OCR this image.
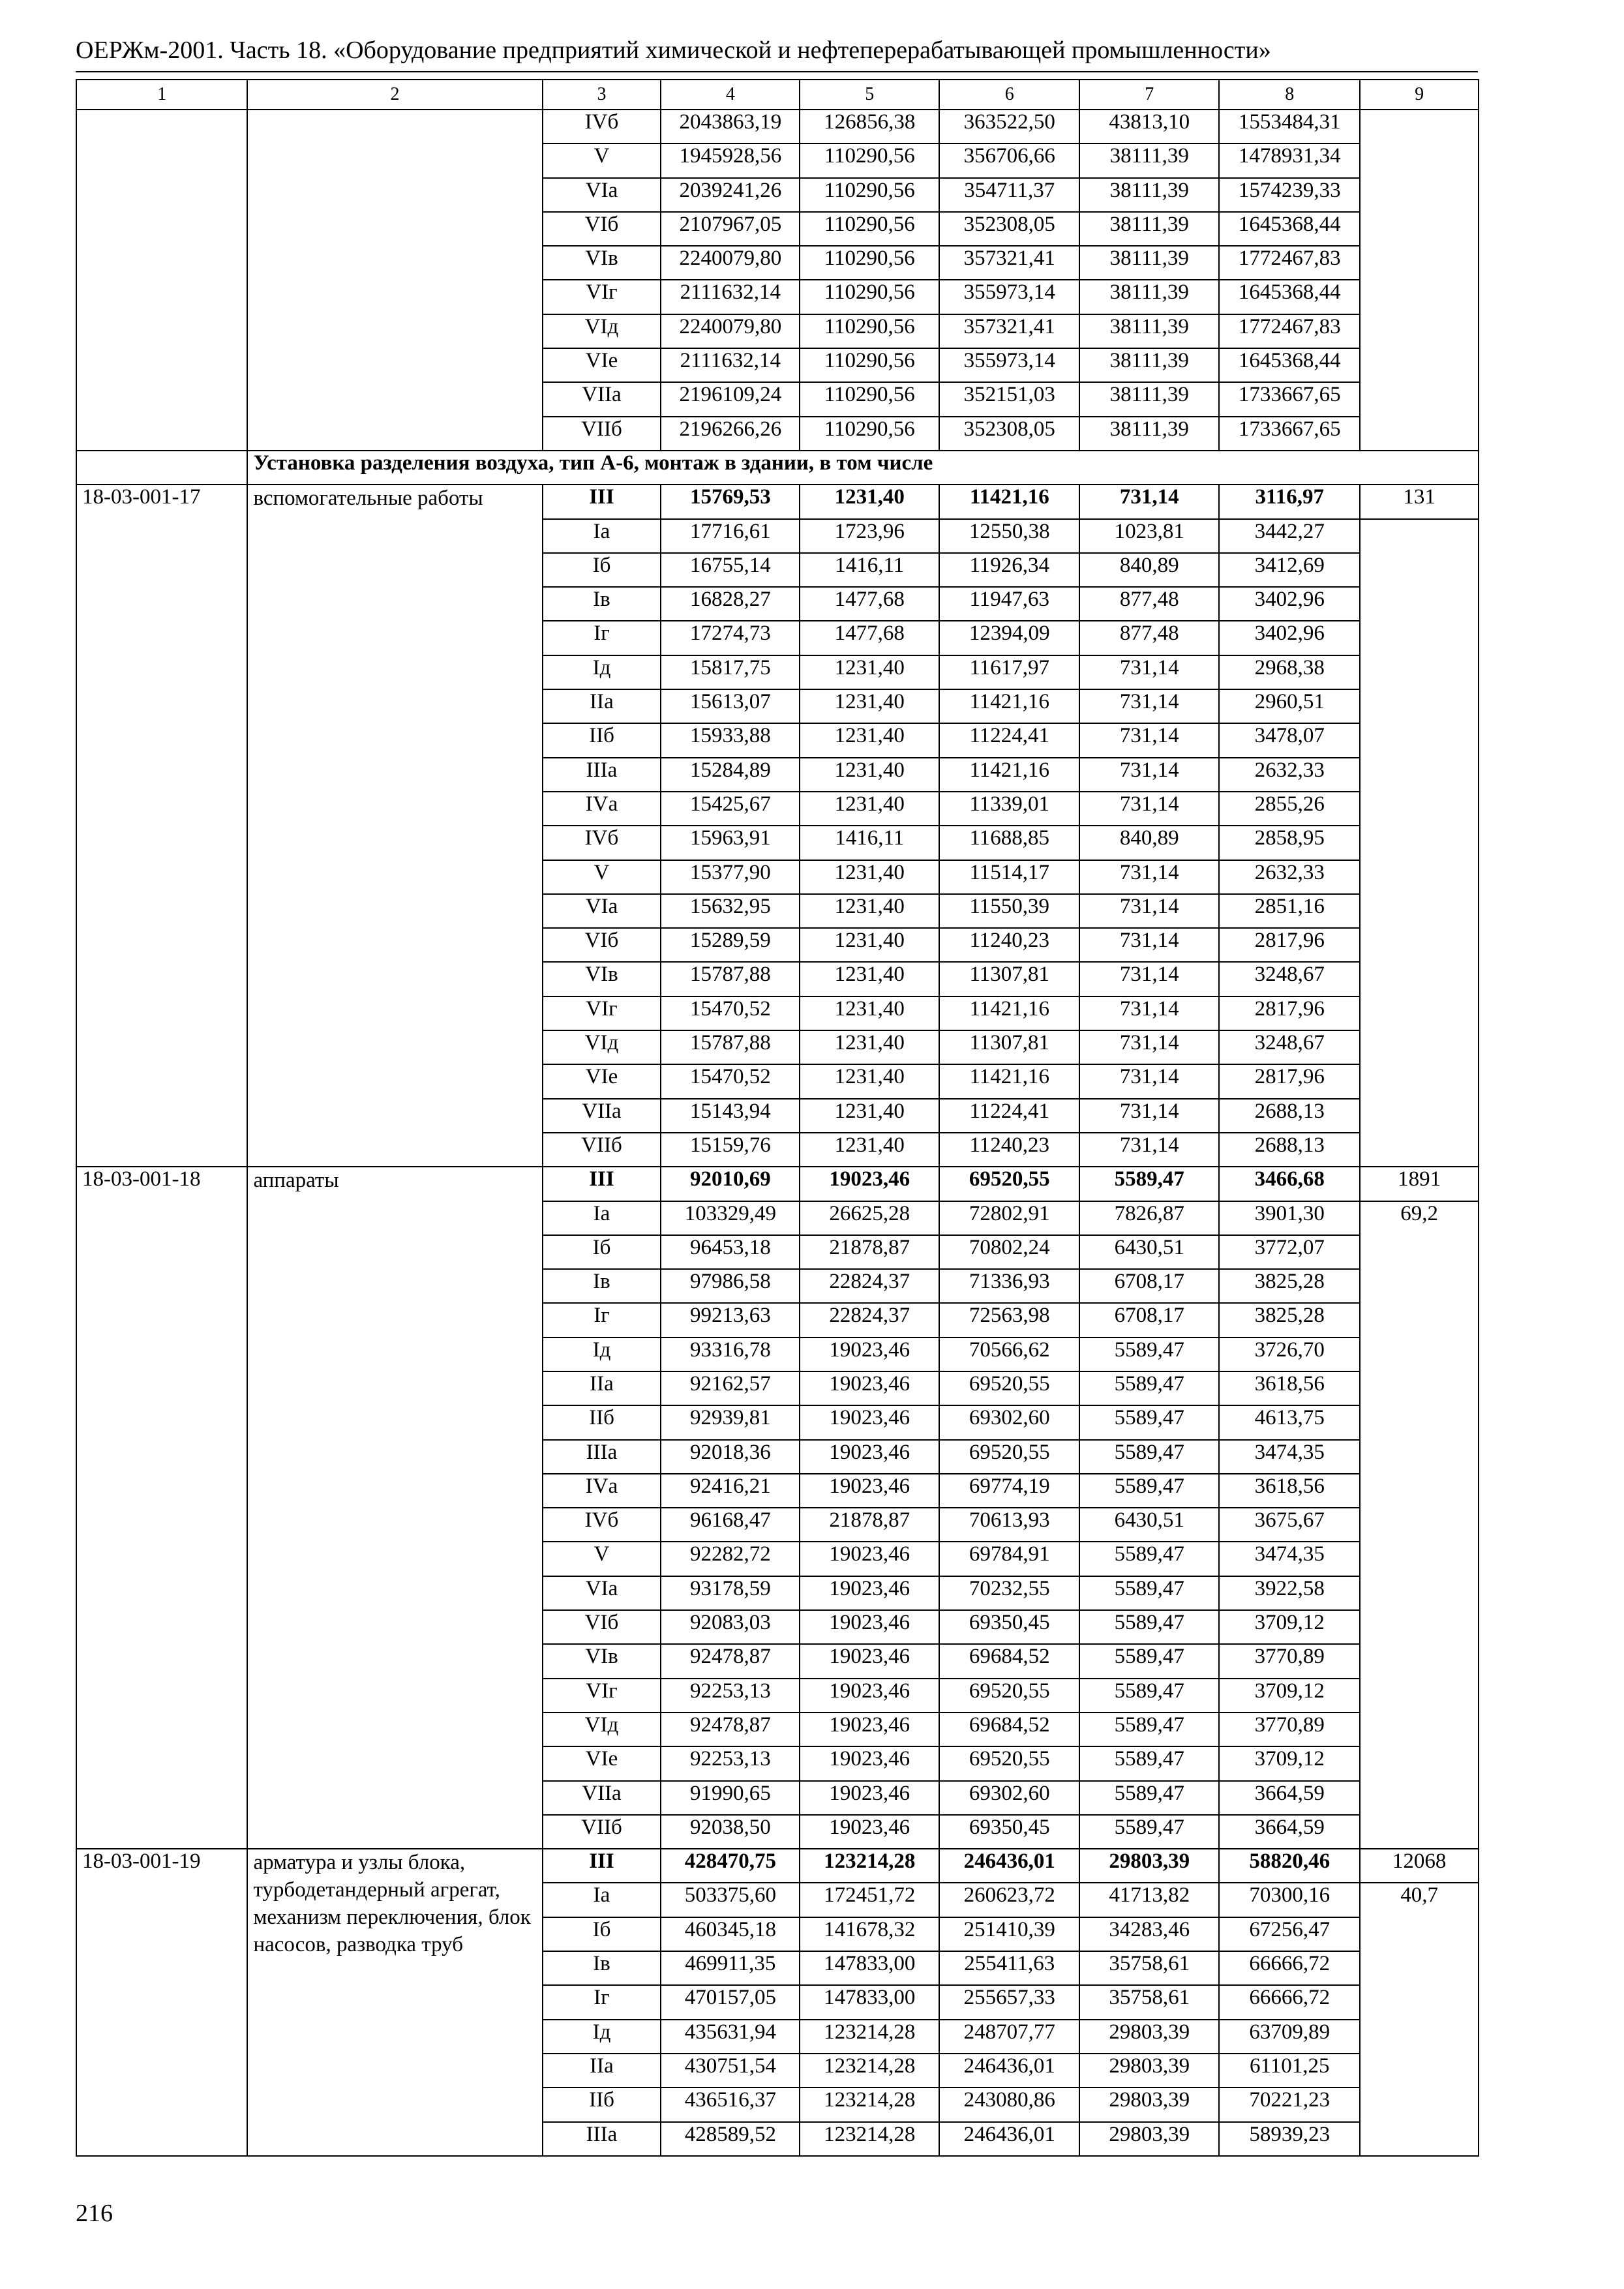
ОЕРЖм-2001. Часть 18. «Оборудование предприятий химической и нефтеперерабатывающей промышленности»
1	2	3	4	5	6	7	8	9
		IVб	2043863,19	126856,38	363522,50	43813,10	1553484,31	
		V	1945928,56	110290,56	356706,66	38111,39	1478931,34	
		VIа	2039241,26	110290,56	354711,37	38111,39	1574239,33	
		VIб	2107967,05	110290,56	352308,05	38111,39	1645368,44	
		VIв	2240079,80	110290,56	357321,41	38111,39	1772467,83	
		VIг	2111632,14	110290,56	355973,14	38111,39	1645368,44	
		VIд	2240079,80	110290,56	357321,41	38111,39	1772467,83	
		VIе	2111632,14	110290,56	355973,14	38111,39	1645368,44	
		VIIа	2196109,24	110290,56	352151,03	38111,39	1733667,65	
		VIIб	2196266,26	110290,56	352308,05	38111,39	1733667,65	
	Установка разделения воздуха, тип А-6, монтаж в здании, в том числе							
18-03-001-17	вспомогательные работы	III	15769,53	1231,40	11421,16	731,14	3116,97	131
		Iа	17716,61	1723,96	12550,38	1023,81	3442,27	
		Iб	16755,14	1416,11	11926,34	840,89	3412,69	
		Iв	16828,27	1477,68	11947,63	877,48	3402,96	
		Iг	17274,73	1477,68	12394,09	877,48	3402,96	
		Iд	15817,75	1231,40	11617,97	731,14	2968,38	
		IIа	15613,07	1231,40	11421,16	731,14	2960,51	
		IIб	15933,88	1231,40	11224,41	731,14	3478,07	
		IIIа	15284,89	1231,40	11421,16	731,14	2632,33	
		IVа	15425,67	1231,40	11339,01	731,14	2855,26	
		IVб	15963,91	1416,11	11688,85	840,89	2858,95	
		V	15377,90	1231,40	11514,17	731,14	2632,33	
		VIа	15632,95	1231,40	11550,39	731,14	2851,16	
		VIб	15289,59	1231,40	11240,23	731,14	2817,96	
		VIв	15787,88	1231,40	11307,81	731,14	3248,67	
		VIг	15470,52	1231,40	11421,16	731,14	2817,96	
		VIд	15787,88	1231,40	11307,81	731,14	3248,67	
		VIе	15470,52	1231,40	11421,16	731,14	2817,96	
		VIIа	15143,94	1231,40	11224,41	731,14	2688,13	
		VIIб	15159,76	1231,40	11240,23	731,14	2688,13	
18-03-001-18	аппараты	III	92010,69	19023,46	69520,55	5589,47	3466,68	1891
		Iа	103329,49	26625,28	72802,91	7826,87	3901,30	69,2
		Iб	96453,18	21878,87	70802,24	6430,51	3772,07	
		Iв	97986,58	22824,37	71336,93	6708,17	3825,28	
		Iг	99213,63	22824,37	72563,98	6708,17	3825,28	
		Iд	93316,78	19023,46	70566,62	5589,47	3726,70	
		IIа	92162,57	19023,46	69520,55	5589,47	3618,56	
		IIб	92939,81	19023,46	69302,60	5589,47	4613,75	
		IIIа	92018,36	19023,46	69520,55	5589,47	3474,35	
		IVа	92416,21	19023,46	69774,19	5589,47	3618,56	
		IVб	96168,47	21878,87	70613,93	6430,51	3675,67	
		V	92282,72	19023,46	69784,91	5589,47	3474,35	
		VIа	93178,59	19023,46	70232,55	5589,47	3922,58	
		VIб	92083,03	19023,46	69350,45	5589,47	3709,12	
		VIв	92478,87	19023,46	69684,52	5589,47	3770,89	
		VIг	92253,13	19023,46	69520,55	5589,47	3709,12	
		VIд	92478,87	19023,46	69684,52	5589,47	3770,89	
		VIе	92253,13	19023,46	69520,55	5589,47	3709,12	
		VIIа	91990,65	19023,46	69302,60	5589,47	3664,59	
		VIIб	92038,50	19023,46	69350,45	5589,47	3664,59	
18-03-001-19	арматура и узлы блока, турбодетандерный агрегат, механизм переключения, блок насосов, разводка труб	III	428470,75	123214,28	246436,01	29803,39	58820,46	12068
		Iа	503375,60	172451,72	260623,72	41713,82	70300,16	40,7
		Iб	460345,18	141678,32	251410,39	34283,46	67256,47	
		Iв	469911,35	147833,00	255411,63	35758,61	66666,72	
		Iг	470157,05	147833,00	255657,33	35758,61	66666,72	
		Iд	435631,94	123214,28	248707,77	29803,39	63709,89	
		IIа	430751,54	123214,28	246436,01	29803,39	61101,25	
		IIб	436516,37	123214,28	243080,86	29803,39	70221,23	
		IIIа	428589,52	123214,28	246436,01	29803,39	58939,23	
216
